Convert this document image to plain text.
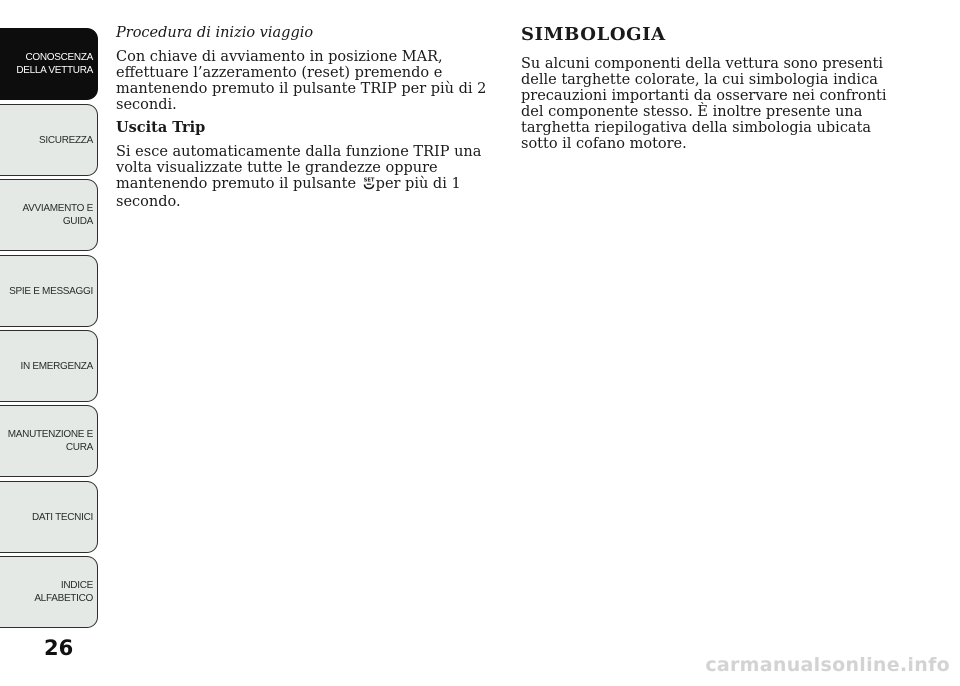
CONOSCENZA
DELLA VETTURA
SICUREZZA
AVVIAMENTO E
GUIDA
SPIE E MESSAGGI
IN EMERGENZA
MANUTENZIONE E
CURA
DATI TECNICI
INDICE
ALFABETICO
26

Procedura di inizio viaggio

Con chiave di avviamento in posizione MAR, effettuare l’azzeramento (reset) premendo e mantenendo premuto il pulsante TRIP per più di 2 secondi.

Uscita Trip

Si esce automaticamente dalla funzione TRIP una volta visualizzate tutte le grandezze oppure mantenendo premuto il pulsante SET per più di 1 secondo.

SIMBOLOGIA

Su alcuni componenti della vettura sono presenti delle targhette colorate, la cui simbologia indica precauzioni importanti da osservare nei confronti del componente stesso. È inoltre presente una targhetta riepilogativa della simbologia ubicata sotto il cofano motore.

carmanualsonline.info
